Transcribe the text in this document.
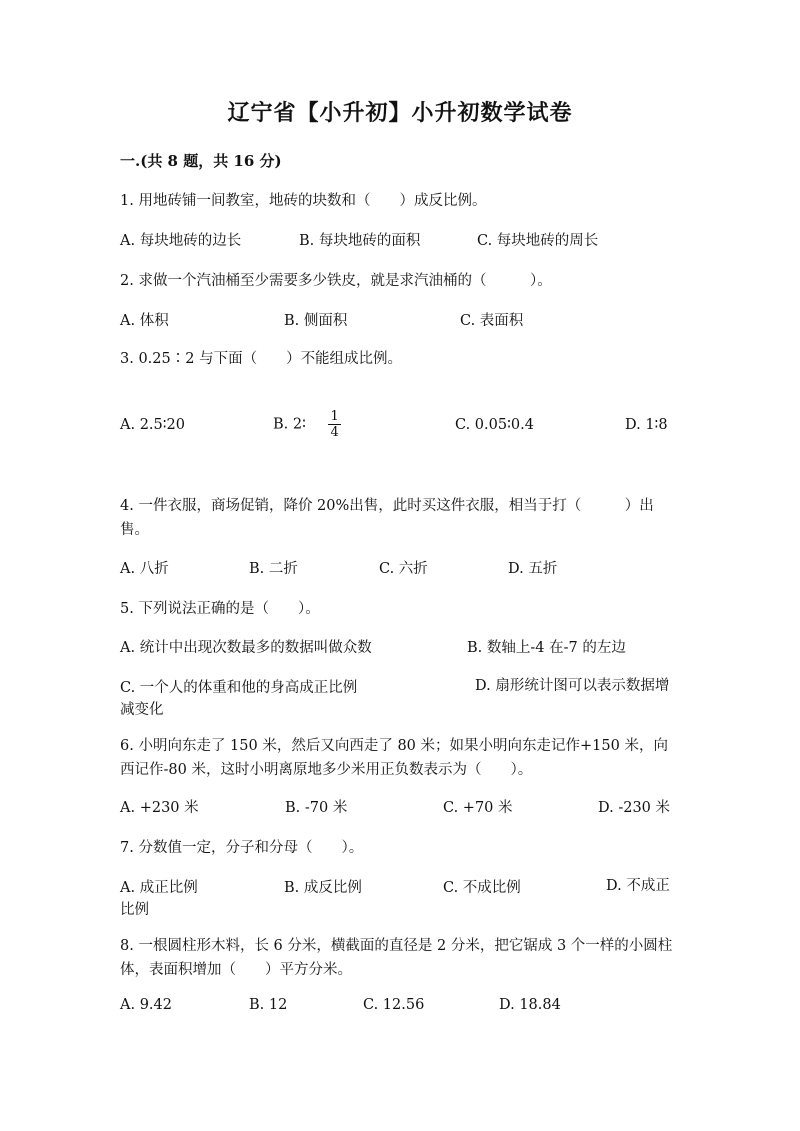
辽宁省【小升初】小升初数学试卷
一.(共 8 题，共 16 分)
1. 用地砖铺一间教室，地砖的块数和（　　）成反比例。
A. 每块地砖的边长	B. 每块地砖的面积	C. 每块地砖的周长
2. 求做一个汽油桶至少需要多少铁皮，就是求汽油桶的（　　　）。
A. 体积	B. 侧面积	C. 表面积
3. 0.25∶2 与下面（　　）不能组成比例。
A. 2.5∶20	B. 2∶ $\frac{1}{4}$	C. 0.05∶0.4	D. 1∶8
4. 一件衣服，商场促销，降价 20%出售，此时买这件衣服，相当于打（　　　）出售。
A. 八折	B. 二折	C. 六折	D. 五折
5. 下列说法正确的是（　　）。
A. 统计中出现次数最多的数据叫做众数	B. 数轴上-4 在-7 的左边
C. 一个人的体重和他的身高成正比例	D. 扇形统计图可以表示数据增减变化
6. 小明向东走了 150 米，然后又向西走了 80 米；如果小明向东走记作+150 米，向西记作-80 米，这时小明离原地多少米用正负数表示为（　　）。
A. +230 米	B. -70 米	C. +70 米	D. -230 米
7. 分数值一定，分子和分母（　　）。
A. 成正比例	B. 成反比例	C. 不成比例	D. 不成正比例
8. 一根圆柱形木料，长 6 分米，横截面的直径是 2 分米，把它锯成 3 个一样的小圆柱体，表面积增加（　　）平方分米。
A. 9.42	B. 12	C. 12.56	D. 18.84
